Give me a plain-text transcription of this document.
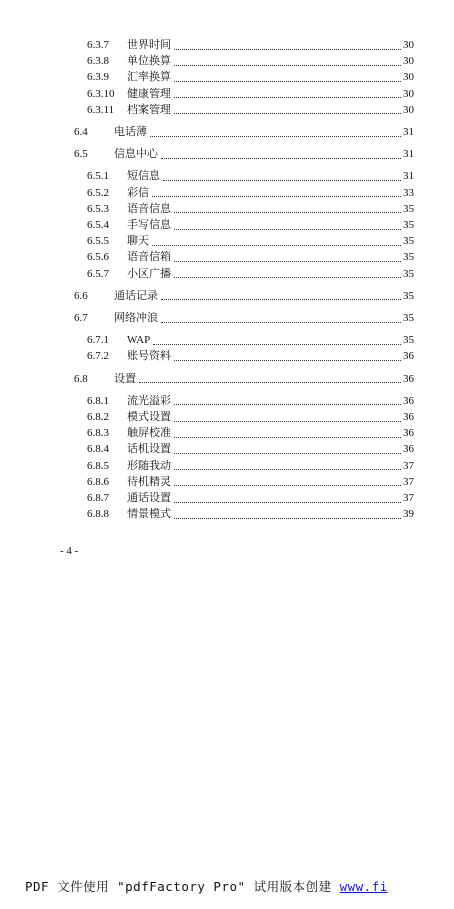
6.3.7	世界时间	30
6.3.8	单位换算	30
6.3.9	汇率换算	30
6.3.10	健康管理	30
6.3.11	档案管理	30
6.4	电话薄	31
6.5	信息中心	31
6.5.1	短信息	31
6.5.2	彩信	33
6.5.3	语音信息	35
6.5.4	手写信息	35
6.5.5	聊天	35
6.5.6	语音信箱	35
6.5.7	小区广播	35
6.6	通话记录	35
6.7	网络冲浪	35
6.7.1	WAP	35
6.7.2	账号资料	36
6.8	设置	36
6.8.1	流光溢彩	36
6.8.2	模式设置	36
6.8.3	触屏校准	36
6.8.4	话机设置	36
6.8.5	形随我动	37
6.8.6	待机精灵	37
6.8.7	通话设置	37
6.8.8	情景模式	39
- 4 -
PDF 文件使用 "pdfFactory Pro" 试用版本创建 www.fi
